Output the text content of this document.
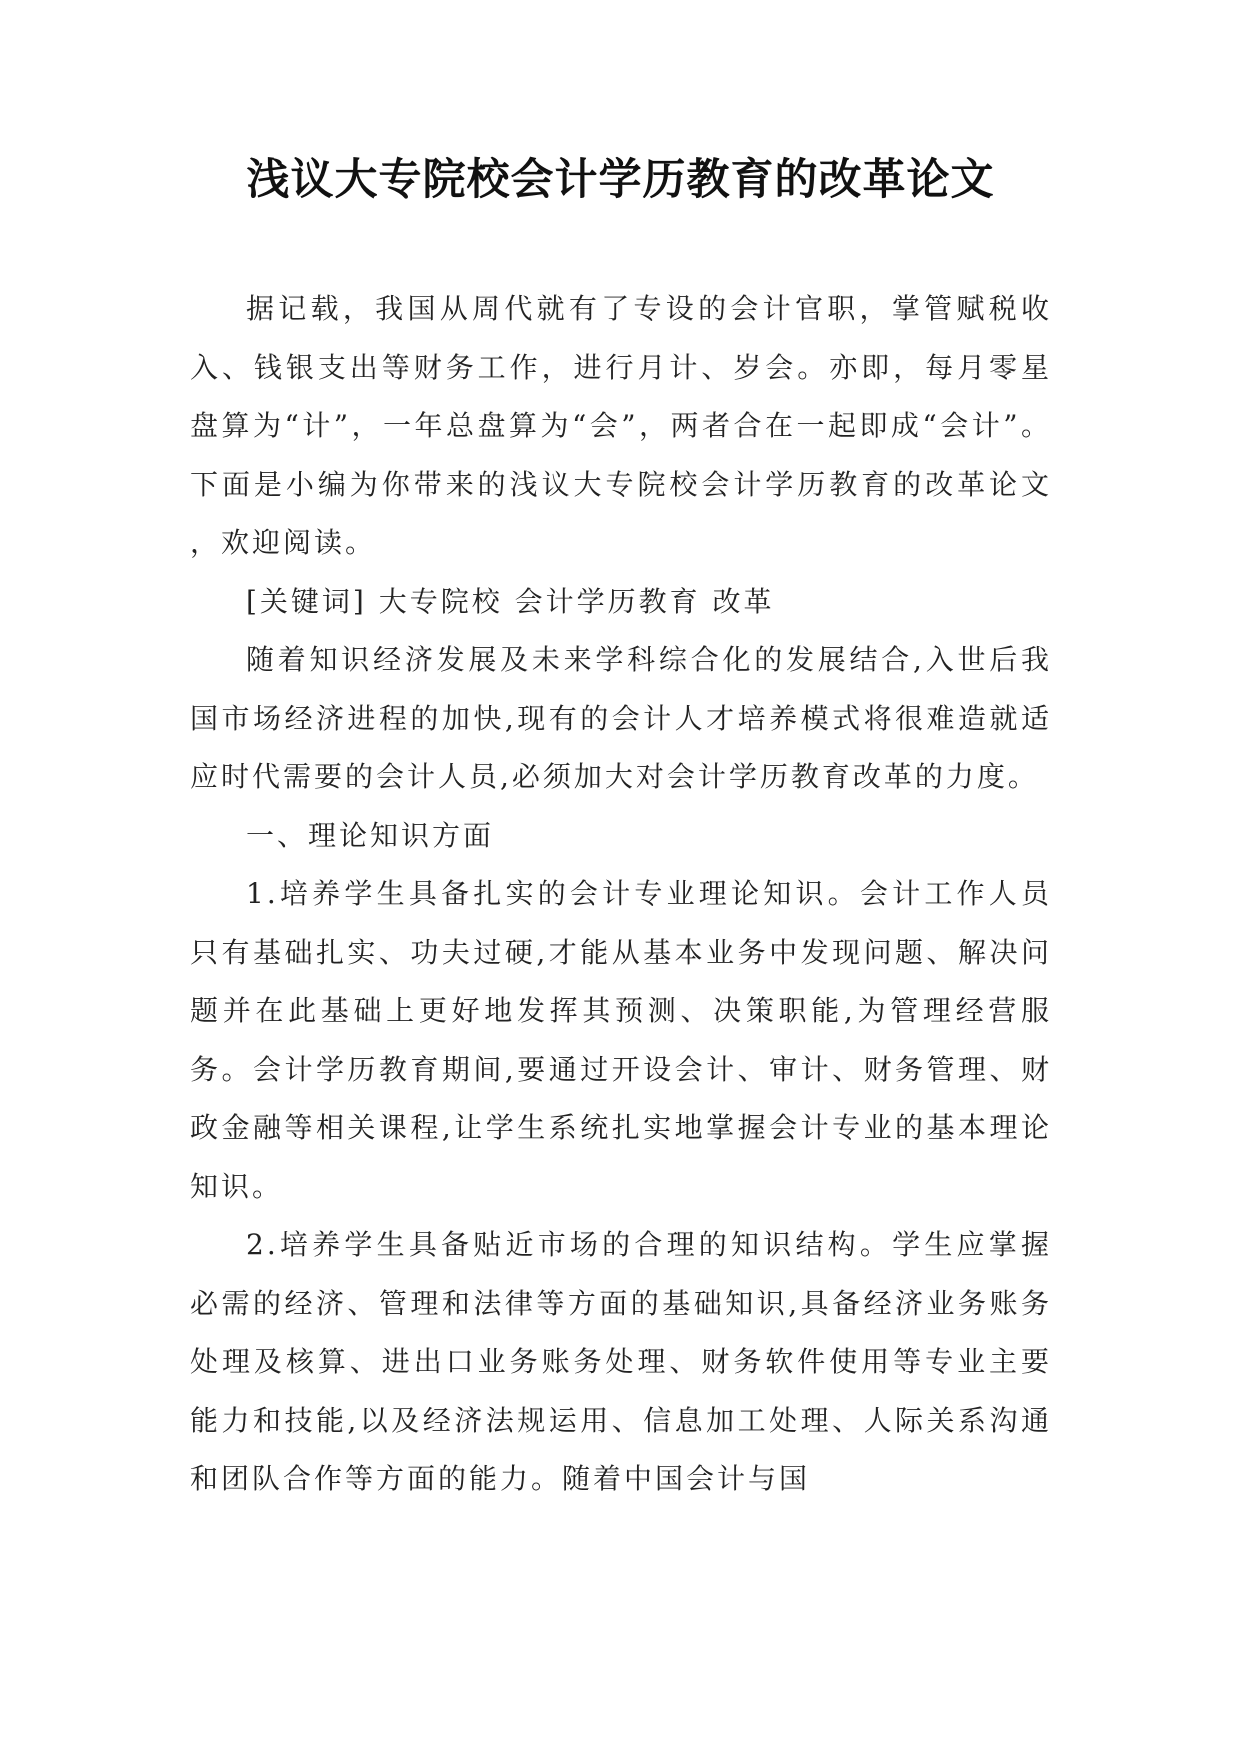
浅议大专院校会计学历教育的改革论文

据记载，我国从周代就有了专设的会计官职，掌管赋税收入、钱银支出等财务工作，进行月计、岁会。亦即，每月零星盘算为“计”，一年总盘算为“会”，两者合在一起即成“会计”。下面是小编为你带来的浅议大专院校会计学历教育的改革论文 ，欢迎阅读。

[关键词] 大专院校 会计学历教育 改革

随着知识经济发展及未来学科综合化的发展结合,入世后我国市场经济进程的加快,现有的会计人才培养模式将很难造就适应时代需要的会计人员,必须加大对会计学历教育改革的力度。

一、理论知识方面

1.培养学生具备扎实的会计专业理论知识。会计工作人员只有基础扎实、功夫过硬,才能从基本业务中发现问题、解决问题并在此基础上更好地发挥其预测、决策职能,为管理经营服务。会计学历教育期间,要通过开设会计、审计、财务管理、财政金融等相关课程,让学生系统扎实地掌握会计专业的基本理论知识。

2.培养学生具备贴近市场的合理的知识结构。学生应掌握必需的经济、管理和法律等方面的基础知识,具备经济业务账务处理及核算、进出口业务账务处理、财务软件使用等专业主要能力和技能,以及经济法规运用、信息加工处理、人际关系沟通和团队合作等方面的能力。随着中国会计与国
